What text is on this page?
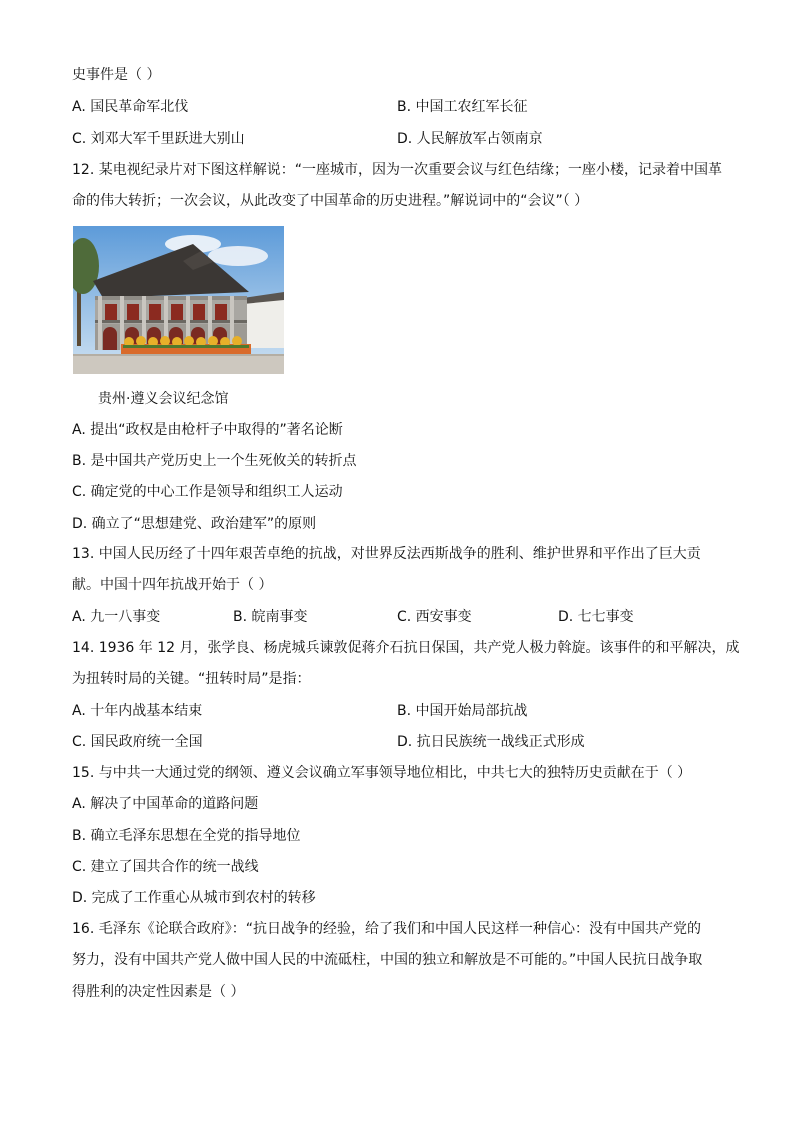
史事件是（ ）
A. 国民革命军北伐	B. 中国工农红军长征
C. 刘邓大军千里跃进大别山	D. 人民解放军占领南京
12. 某电视纪录片对下图这样解说：“一座城市，因为一次重要会议与红色结缘；一座小楼，记录着中国革
命的伟大转折；一次会议，从此改变了中国革命的历史进程。”解说词中的“会议”（ ）
贵州·遵义会议纪念馆
A. 提出“政权是由枪杆子中取得的”著名论断
B. 是中国共产党历史上一个生死攸关的转折点
C. 确定党的中心工作是领导和组织工人运动
D. 确立了“思想建党、政治建军”的原则
13. 中国人民历经了十四年艰苦卓绝的抗战，对世界反法西斯战争的胜利、维护世界和平作出了巨大贡
献。中国十四年抗战开始于（ ）
A. 九一八事变	B. 皖南事变	C. 西安事变	D. 七七事变
14. 1936 年 12 月，张学良、杨虎城兵谏敦促蒋介石抗日保国，共产党人极力斡旋。该事件的和平解决，成
为扭转时局的关键。“扭转时局”是指：
A. 十年内战基本结束	B. 中国开始局部抗战
C. 国民政府统一全国	D. 抗日民族统一战线正式形成
15. 与中共一大通过党的纲领、遵义会议确立军事领导地位相比，中共七大的独特历史贡献在于（ ）
A. 解决了中国革命的道路问题
B. 确立毛泽东思想在全党的指导地位
C. 建立了国共合作的统一战线
D. 完成了工作重心从城市到农村的转移
16. 毛泽东《论联合政府》：“抗日战争的经验，给了我们和中国人民这样一种信心：没有中国共产党的
努力，没有中国共产党人做中国人民的中流砥柱，中国的独立和解放是不可能的。”中国人民抗日战争取
得胜利的决定性因素是（ ）
